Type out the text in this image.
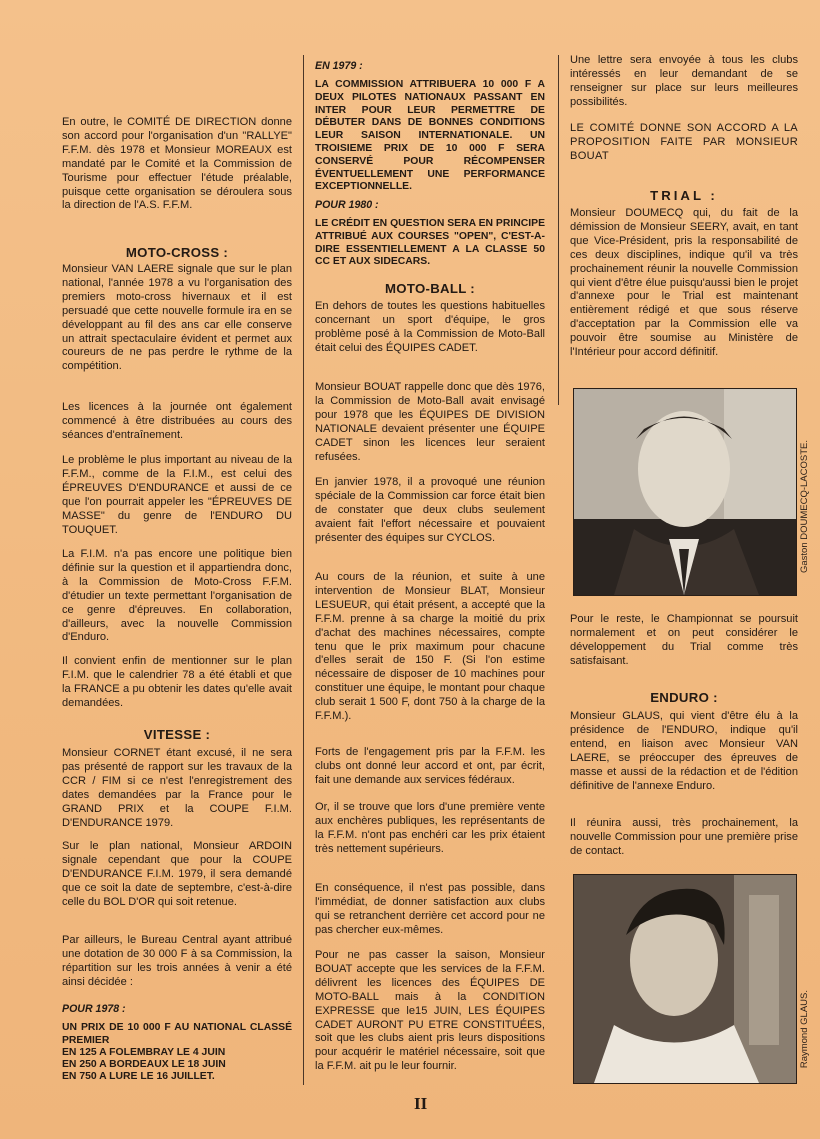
En outre, le COMITÉ DE DIRECTION donne son accord pour l'organisation d'un "RALLYE" F.F.M. dès 1978 et Monsieur MOREAUX est mandaté par le Comité et la Commission de Tourisme pour effectuer l'étude préalable, puisque cette organisation se déroulera sous la direction de l'A.S. F.F.M.

MOTO-CROSS :

Monsieur VAN LAERE signale que sur le plan national, l'année 1978 a vu l'organisation des premiers moto-cross hivernaux et il est persuadé que cette nouvelle formule ira en se développant au fil des ans car elle conserve un attrait spectaculaire évident et permet aux coureurs de ne pas perdre le rythme de la compétition.

Les licences à la journée ont également commencé à être distribuées au cours des séances d'entraînement.

Le problème le plus important au niveau de la F.F.M., comme de la F.I.M., est celui des ÉPREUVES D'ENDURANCE et aussi de ce que l'on pourrait appeler les "ÉPREUVES DE MASSE" du genre de l'ENDURO DU TOUQUET.

La F.I.M. n'a pas encore une politique bien définie sur la question et il appartiendra donc, à la Commission de Moto-Cross F.F.M. d'étudier un texte permettant l'organisation de ce genre d'épreuves. En collaboration, d'ailleurs, avec la nouvelle Commission d'Enduro.

Il convient enfin de mentionner sur le plan F.I.M. que le calendrier 78 a été établi et que la FRANCE a pu obtenir les dates qu'elle avait demandées.

VITESSE :

Monsieur CORNET étant excusé, il ne sera pas présenté de rapport sur les travaux de la CCR / FIM si ce n'est l'enregistrement des dates demandées par la France pour le GRAND PRIX et la COUPE F.I.M. D'ENDURANCE 1979.

Sur le plan national, Monsieur ARDOIN signale cependant que pour la COUPE D'ENDURANCE F.I.M. 1979, il sera demandé que ce soit la date de septembre, c'est-à-dire celle du BOL D'OR qui soit retenue.

Par ailleurs, le Bureau Central ayant attribué une dotation de 30 000 F à sa Commission, la répartition sur les trois années à venir a été ainsi décidée :

POUR 1978 :

UN PRIX DE 10 000 F AU NATIONAL CLASSÉ PREMIER

EN 125 A FOLEMBRAY LE 4 JUIN

EN 250 A BORDEAUX LE 18 JUIN

EN 750 A LURE LE 16 JUILLET.

EN 1979 :

LA COMMISSION ATTRIBUERA 10 000 F A DEUX PILOTES NATIONAUX PASSANT EN INTER POUR LEUR PERMETTRE DE DÉBUTER DANS DE BONNES CONDITIONS LEUR SAISON INTERNATIONALE. UN TROISIEME PRIX DE 10 000 F SERA CONSERVÉ POUR RÉCOMPENSER ÉVENTUELLEMENT UNE PERFORMANCE EXCEPTIONNELLE.

POUR 1980 :

LE CRÉDIT EN QUESTION SERA EN PRINCIPE ATTRIBUÉ AUX COURSES "OPEN", C'EST-A-DIRE ESSENTIELLEMENT A LA CLASSE 50 CC ET AUX SIDECARS.

MOTO-BALL :

En dehors de toutes les questions habituelles concernant un sport d'équipe, le gros problème posé à la Commission de Moto-Ball était celui des ÉQUIPES CADET.

Monsieur BOUAT rappelle donc que dès 1976, la Commission de Moto-Ball avait envisagé pour 1978 que les ÉQUIPES DE DIVISION NATIONALE devaient présenter une ÉQUIPE CADET sinon les licences leur seraient refusées.

En janvier 1978, il a provoqué une réunion spéciale de la Commission car force était bien de constater que deux clubs seulement avaient fait l'effort nécessaire et pouvaient présenter des équipes sur CYCLOS.

Au cours de la réunion, et suite à une intervention de Monsieur BLAT, Monsieur LESUEUR, qui était présent, a accepté que la F.F.M. prenne à sa charge la moitié du prix d'achat des machines nécessaires, compte tenu que le prix maximum pour chacune d'elles serait de 150 F. (Si l'on estime nécessaire de disposer de 10 machines pour constituer une équipe, le montant pour chaque club serait 1 500 F, dont 750 à la charge de la F.F.M.).

Forts de l'engagement pris par la F.F.M. les clubs ont donné leur accord et ont, par écrit, fait une demande aux services fédéraux.

Or, il se trouve que lors d'une première vente aux enchères publiques, les représentants de la F.F.M. n'ont pas enchéri car les prix étaient très nettement supérieurs.

En conséquence, il n'est pas possible, dans l'immédiat, de donner satisfaction aux clubs qui se retranchent derrière cet accord pour ne pas chercher eux-mêmes.

Pour ne pas casser la saison, Monsieur BOUAT accepte que les services de la F.F.M. délivrent les licences des ÉQUIPES DE MOTO-BALL mais à la CONDITION EXPRESSE que le15 JUIN, LES ÉQUIPES CADET AURONT PU ETRE CONSTITUÉES, soit que les clubs aient pris leurs dispositions pour acquérir le matériel nécessaire, soit que la F.F.M. ait pu le leur fournir.

Une lettre sera envoyée à tous les clubs intéressés en leur demandant de se renseigner sur place sur leurs meilleures possibilités.

LE COMITÉ DONNE SON ACCORD A LA PROPOSITION FAITE PAR MONSIEUR BOUAT

TRIAL :

Monsieur DOUMECQ qui, du fait de la démission de Monsieur SEERY, avait, en tant que Vice-Président, pris la responsabilité de ces deux disciplines, indique qu'il va très prochainement réunir la nouvelle Commission qui vient d'être élue puisqu'aussi bien le projet d'annexe pour le Trial est maintenant entièrement rédigé et que sous réserve d'acceptation par la Commission elle va pouvoir être soumise au Ministère de l'Intérieur pour accord définitif.

Gaston DOUMECQ-LACOSTE.

Pour le reste, le Championnat se poursuit normalement et on peut considérer le développement du Trial comme très satisfaisant.

ENDURO :

Monsieur GLAUS, qui vient d'être élu à la présidence de l'ENDURO, indique qu'il entend, en liaison avec Monsieur VAN LAERE, se préoccuper des épreuves de masse et aussi de la rédaction et de l'édition définitive de l'annexe Enduro.

Il réunira aussi, très prochainement, la nouvelle Commission pour une première prise de contact.

Raymond GLAUS.
II
